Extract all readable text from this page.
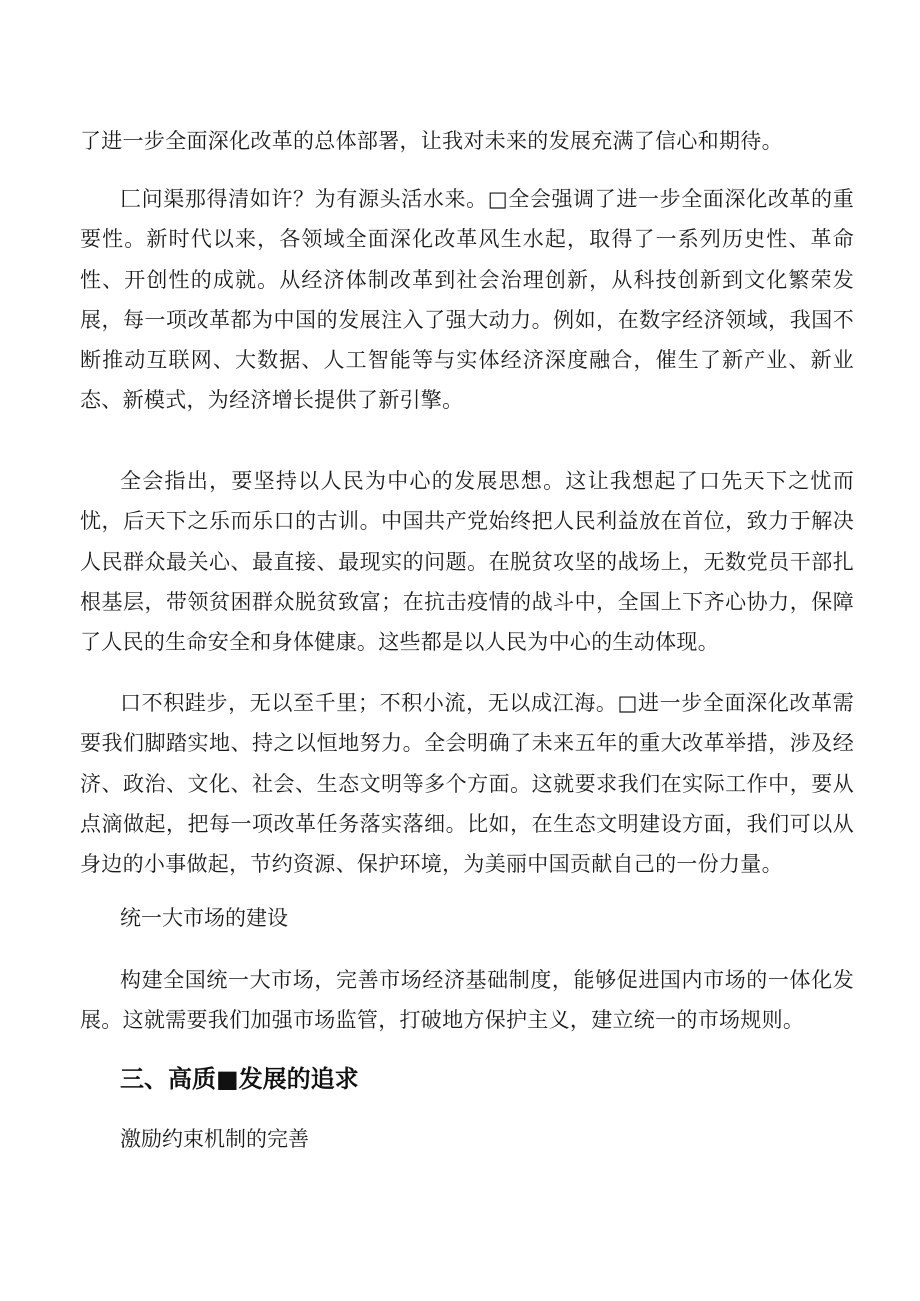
了进一步全面深化改革的总体部署，让我对未来的发展充满了信心和期待。

匚问渠那得清如许？为有源头活水来。□全会强调了进一步全面深化改革的重要性。新时代以来，各领域全面深化改革风生水起，取得了一系列历史性、革命性、开创性的成就。从经济体制改革到社会治理创新，从科技创新到文化繁荣发展，每一项改革都为中国的发展注入了强大动力。例如，在数字经济领域，我国不断推动互联网、大数据、人工智能等与实体经济深度融合，催生了新产业、新业态、新模式，为经济增长提供了新引擎。

全会指出，要坚持以人民为中心的发展思想。这让我想起了口先天下之忧而忧，后天下之乐而乐口的古训。中国共产党始终把人民利益放在首位，致力于解决人民群众最关心、最直接、最现实的问题。在脱贫攻坚的战场上，无数党员干部扎根基层，带领贫困群众脱贫致富；在抗击疫情的战斗中，全国上下齐心协力，保障了人民的生命安全和身体健康。这些都是以人民为中心的生动体现。

口不积跬步，无以至千里；不积小流，无以成江海。□进一步全面深化改革需要我们脚踏实地、持之以恒地努力。全会明确了未来五年的重大改革举措，涉及经济、政治、文化、社会、生态文明等多个方面。这就要求我们在实际工作中，要从点滴做起，把每一项改革任务落实落细。比如，在生态文明建设方面，我们可以从身边的小事做起，节约资源、保护环境，为美丽中国贡献自己的一份力量。

统一大市场的建设

构建全国统一大市场，完善市场经济基础制度，能够促进国内市场的一体化发展。这就需要我们加强市场监管，打破地方保护主义，建立统一的市场规则。

三、高质■发展的追求

激励约束机制的完善
